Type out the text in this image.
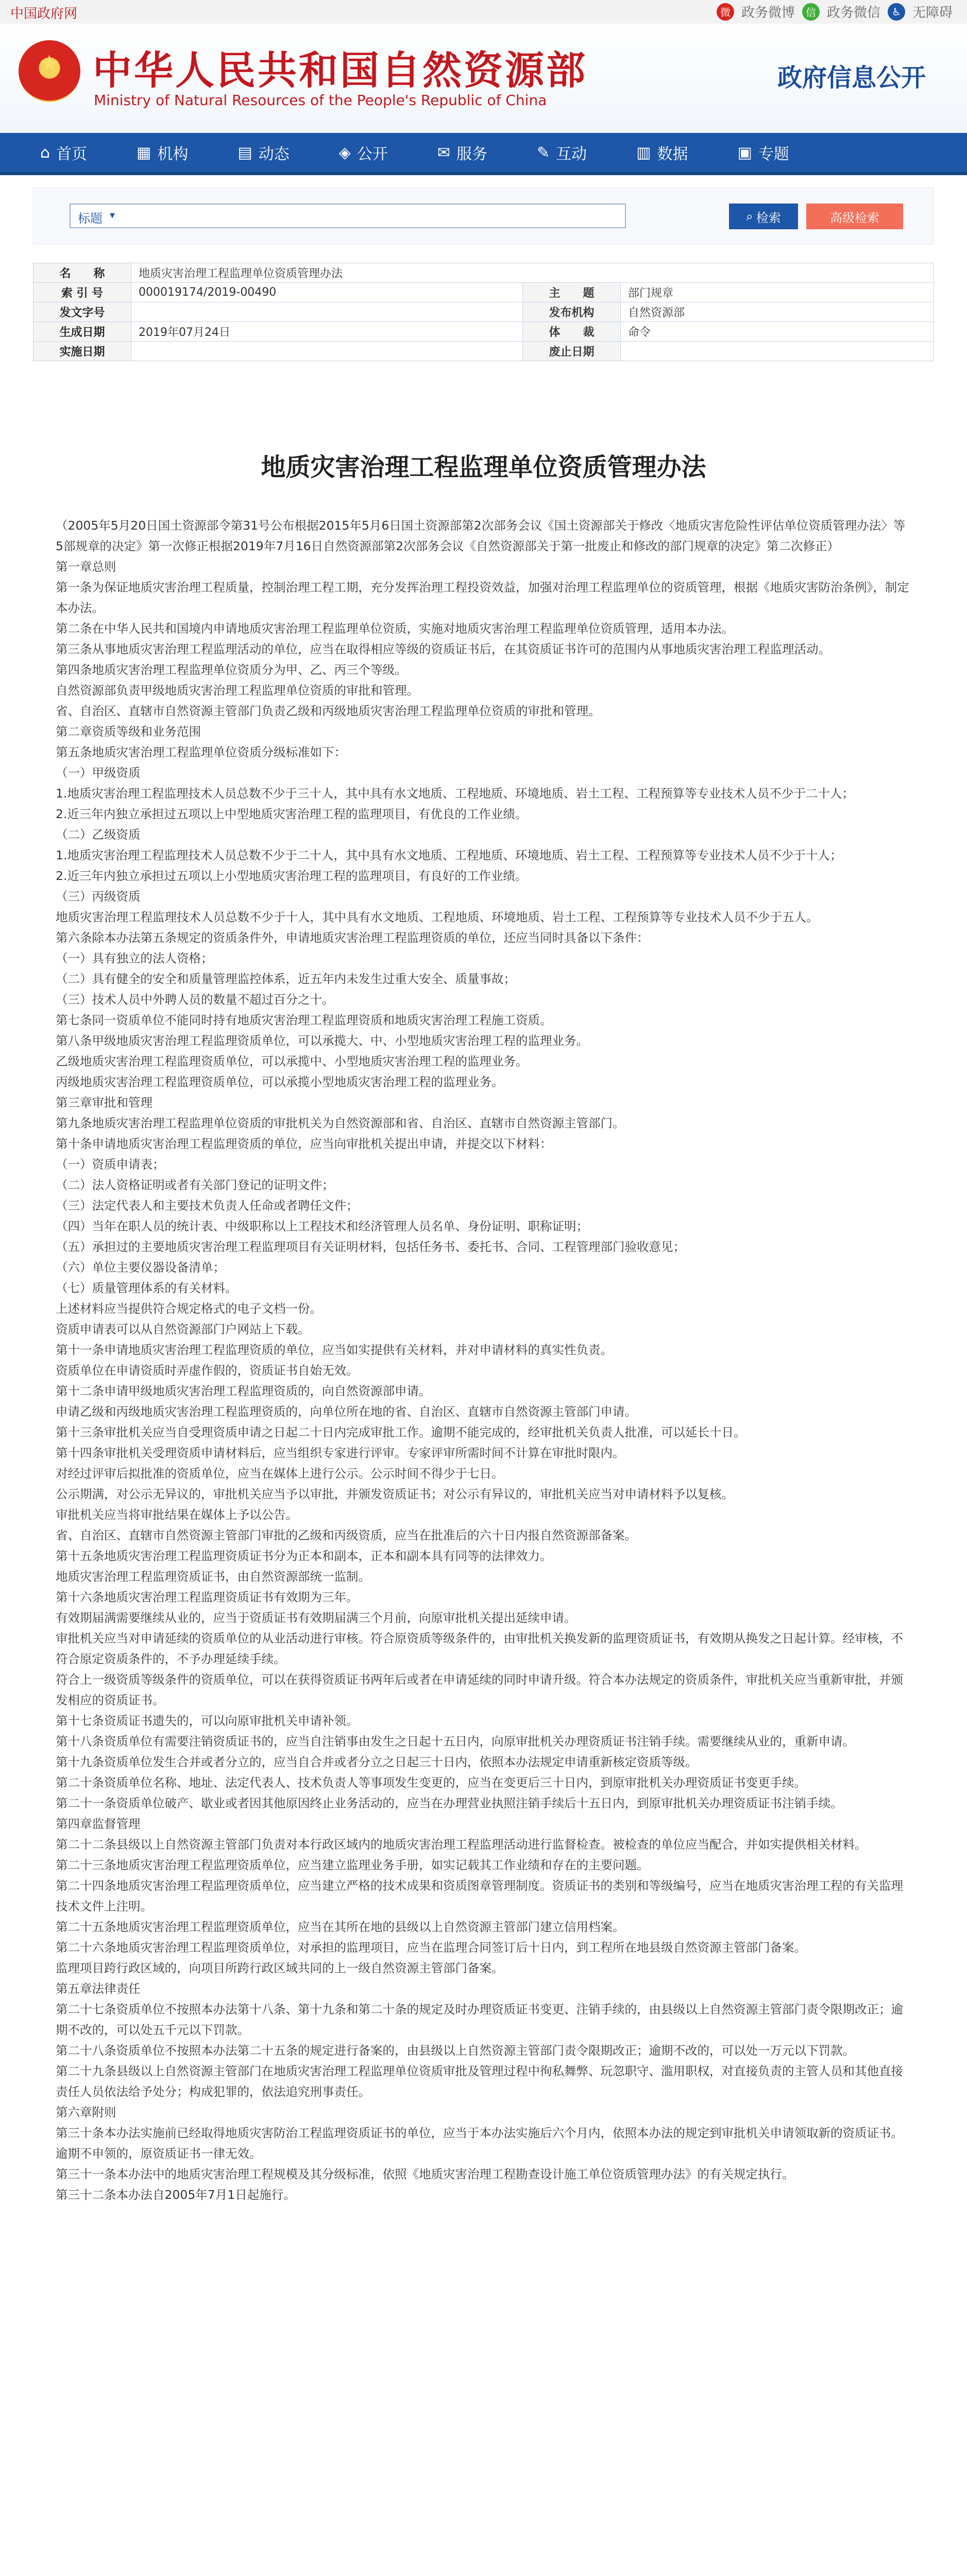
中国政府网	微 政务微博	信 政务微信	♿ 无障碍
★
中华人民共和国自然资源部
Ministry of Natural Resources of the People's Republic of China
政府信息公开
⌂ 首页	▦ 机构	▤ 动态	◈ 公开	✉ 服务	✎ 互动	▥ 数据	▣ 专题
标题 ▾	⌕ 检索	高级检索
名　　称	地质灾害治理工程监理单位资质管理办法		
索 引 号	000019174/2019-00490	主　　题	部门规章
发文字号		发布机构	自然资源部
生成日期	2019年07月24日	体　　裁	命令
实施日期		废止日期	
地质灾害治理工程监理单位资质管理办法

（2005年5月20日国土资源部令第31号公布根据2015年5月6日国土资源部第2次部务会议《国土资源部关于修改〈地质灾害危险性评估单位资质管理办法〉等5部规章的决定》第一次修正根据2019年7月16日自然资源部第2次部务会议《自然资源部关于第一批废止和修改的部门规章的决定》第二次修正）

第一章总则

第一条为保证地质灾害治理工程质量，控制治理工程工期，充分发挥治理工程投资效益，加强对治理工程监理单位的资质管理，根据《地质灾害防治条例》，制定本办法。

第二条在中华人民共和国境内申请地质灾害治理工程监理单位资质，实施对地质灾害治理工程监理单位资质管理，适用本办法。

第三条从事地质灾害治理工程监理活动的单位，应当在取得相应等级的资质证书后，在其资质证书许可的范围内从事地质灾害治理工程监理活动。

第四条地质灾害治理工程监理单位资质分为甲、乙、丙三个等级。

自然资源部负责甲级地质灾害治理工程监理单位资质的审批和管理。

省、自治区、直辖市自然资源主管部门负责乙级和丙级地质灾害治理工程监理单位资质的审批和管理。

第二章资质等级和业务范围

第五条地质灾害治理工程监理单位资质分级标准如下：

（一）甲级资质

1.地质灾害治理工程监理技术人员总数不少于三十人，其中具有水文地质、工程地质、环境地质、岩土工程、工程预算等专业技术人员不少于二十人；

2.近三年内独立承担过五项以上中型地质灾害治理工程的监理项目，有优良的工作业绩。

（二）乙级资质

1.地质灾害治理工程监理技术人员总数不少于二十人，其中具有水文地质、工程地质、环境地质、岩土工程、工程预算等专业技术人员不少于十人；

2.近三年内独立承担过五项以上小型地质灾害治理工程的监理项目，有良好的工作业绩。

（三）丙级资质

地质灾害治理工程监理技术人员总数不少于十人，其中具有水文地质、工程地质、环境地质、岩土工程、工程预算等专业技术人员不少于五人。

第六条除本办法第五条规定的资质条件外，申请地质灾害治理工程监理资质的单位，还应当同时具备以下条件：

（一）具有独立的法人资格；

（二）具有健全的安全和质量管理监控体系，近五年内未发生过重大安全、质量事故；

（三）技术人员中外聘人员的数量不超过百分之十。

第七条同一资质单位不能同时持有地质灾害治理工程监理资质和地质灾害治理工程施工资质。

第八条甲级地质灾害治理工程监理资质单位，可以承揽大、中、小型地质灾害治理工程的监理业务。

乙级地质灾害治理工程监理资质单位，可以承揽中、小型地质灾害治理工程的监理业务。

丙级地质灾害治理工程监理资质单位，可以承揽小型地质灾害治理工程的监理业务。

第三章审批和管理

第九条地质灾害治理工程监理单位资质的审批机关为自然资源部和省、自治区、直辖市自然资源主管部门。

第十条申请地质灾害治理工程监理资质的单位，应当向审批机关提出申请，并提交以下材料：

（一）资质申请表；

（二）法人资格证明或者有关部门登记的证明文件；

（三）法定代表人和主要技术负责人任命或者聘任文件；

（四）当年在职人员的统计表、中级职称以上工程技术和经济管理人员名单、身份证明、职称证明；

（五）承担过的主要地质灾害治理工程监理项目有关证明材料，包括任务书、委托书、合同、工程管理部门验收意见；

（六）单位主要仪器设备清单；

（七）质量管理体系的有关材料。

上述材料应当提供符合规定格式的电子文档一份。

资质申请表可以从自然资源部门户网站上下载。

第十一条申请地质灾害治理工程监理资质的单位，应当如实提供有关材料，并对申请材料的真实性负责。

资质单位在申请资质时弄虚作假的，资质证书自始无效。

第十二条申请甲级地质灾害治理工程监理资质的，向自然资源部申请。

申请乙级和丙级地质灾害治理工程监理资质的，向单位所在地的省、自治区、直辖市自然资源主管部门申请。

第十三条审批机关应当自受理资质申请之日起二十日内完成审批工作。逾期不能完成的，经审批机关负责人批准，可以延长十日。

第十四条审批机关受理资质申请材料后，应当组织专家进行评审。专家评审所需时间不计算在审批时限内。

对经过评审后拟批准的资质单位，应当在媒体上进行公示。公示时间不得少于七日。

公示期满，对公示无异议的，审批机关应当予以审批，并颁发资质证书；对公示有异议的，审批机关应当对申请材料予以复核。

审批机关应当将审批结果在媒体上予以公告。

省、自治区、直辖市自然资源主管部门审批的乙级和丙级资质，应当在批准后的六十日内报自然资源部备案。

第十五条地质灾害治理工程监理资质证书分为正本和副本，正本和副本具有同等的法律效力。

地质灾害治理工程监理资质证书，由自然资源部统一监制。

第十六条地质灾害治理工程监理资质证书有效期为三年。

有效期届满需要继续从业的，应当于资质证书有效期届满三个月前，向原审批机关提出延续申请。

审批机关应当对申请延续的资质单位的从业活动进行审核。符合原资质等级条件的，由审批机关换发新的监理资质证书，有效期从换发之日起计算。经审核，不符合原定资质条件的，不予办理延续手续。

符合上一级资质等级条件的资质单位，可以在获得资质证书两年后或者在申请延续的同时申请升级。符合本办法规定的资质条件，审批机关应当重新审批，并颁发相应的资质证书。

第十七条资质证书遗失的，可以向原审批机关申请补领。

第十八条资质单位有需要注销资质证书的，应当自注销事由发生之日起十五日内，向原审批机关办理资质证书注销手续。需要继续从业的，重新申请。

第十九条资质单位发生合并或者分立的，应当自合并或者分立之日起三十日内，依照本办法规定申请重新核定资质等级。

第二十条资质单位名称、地址、法定代表人、技术负责人等事项发生变更的，应当在变更后三十日内，到原审批机关办理资质证书变更手续。

第二十一条资质单位破产、歇业或者因其他原因终止业务活动的，应当在办理营业执照注销手续后十五日内，到原审批机关办理资质证书注销手续。

第四章监督管理

第二十二条县级以上自然资源主管部门负责对本行政区域内的地质灾害治理工程监理活动进行监督检查。被检查的单位应当配合，并如实提供相关材料。

第二十三条地质灾害治理工程监理资质单位，应当建立监理业务手册，如实记载其工作业绩和存在的主要问题。

第二十四条地质灾害治理工程监理资质单位，应当建立严格的技术成果和资质图章管理制度。资质证书的类别和等级编号，应当在地质灾害治理工程的有关监理技术文件上注明。

第二十五条地质灾害治理工程监理资质单位，应当在其所在地的县级以上自然资源主管部门建立信用档案。

第二十六条地质灾害治理工程监理资质单位，对承担的监理项目，应当在监理合同签订后十日内，到工程所在地县级自然资源主管部门备案。

监理项目跨行政区域的，向项目所跨行政区域共同的上一级自然资源主管部门备案。

第五章法律责任

第二十七条资质单位不按照本办法第十八条、第十九条和第二十条的规定及时办理资质证书变更、注销手续的，由县级以上自然资源主管部门责令限期改正；逾期不改的，可以处五千元以下罚款。

第二十八条资质单位不按照本办法第二十五条的规定进行备案的，由县级以上自然资源主管部门责令限期改正；逾期不改的，可以处一万元以下罚款。

第二十九条县级以上自然资源主管部门在地质灾害治理工程监理单位资质审批及管理过程中徇私舞弊、玩忽职守、滥用职权，对直接负责的主管人员和其他直接责任人员依法给予处分；构成犯罪的，依法追究刑事责任。

第六章附则

第三十条本办法实施前已经取得地质灾害防治工程监理资质证书的单位，应当于本办法实施后六个月内，依照本办法的规定到审批机关申请领取新的资质证书。逾期不申领的，原资质证书一律无效。

第三十一条本办法中的地质灾害治理工程规模及其分级标准，依照《地质灾害治理工程勘查设计施工单位资质管理办法》的有关规定执行。

第三十二条本办法自2005年7月1日起施行。
